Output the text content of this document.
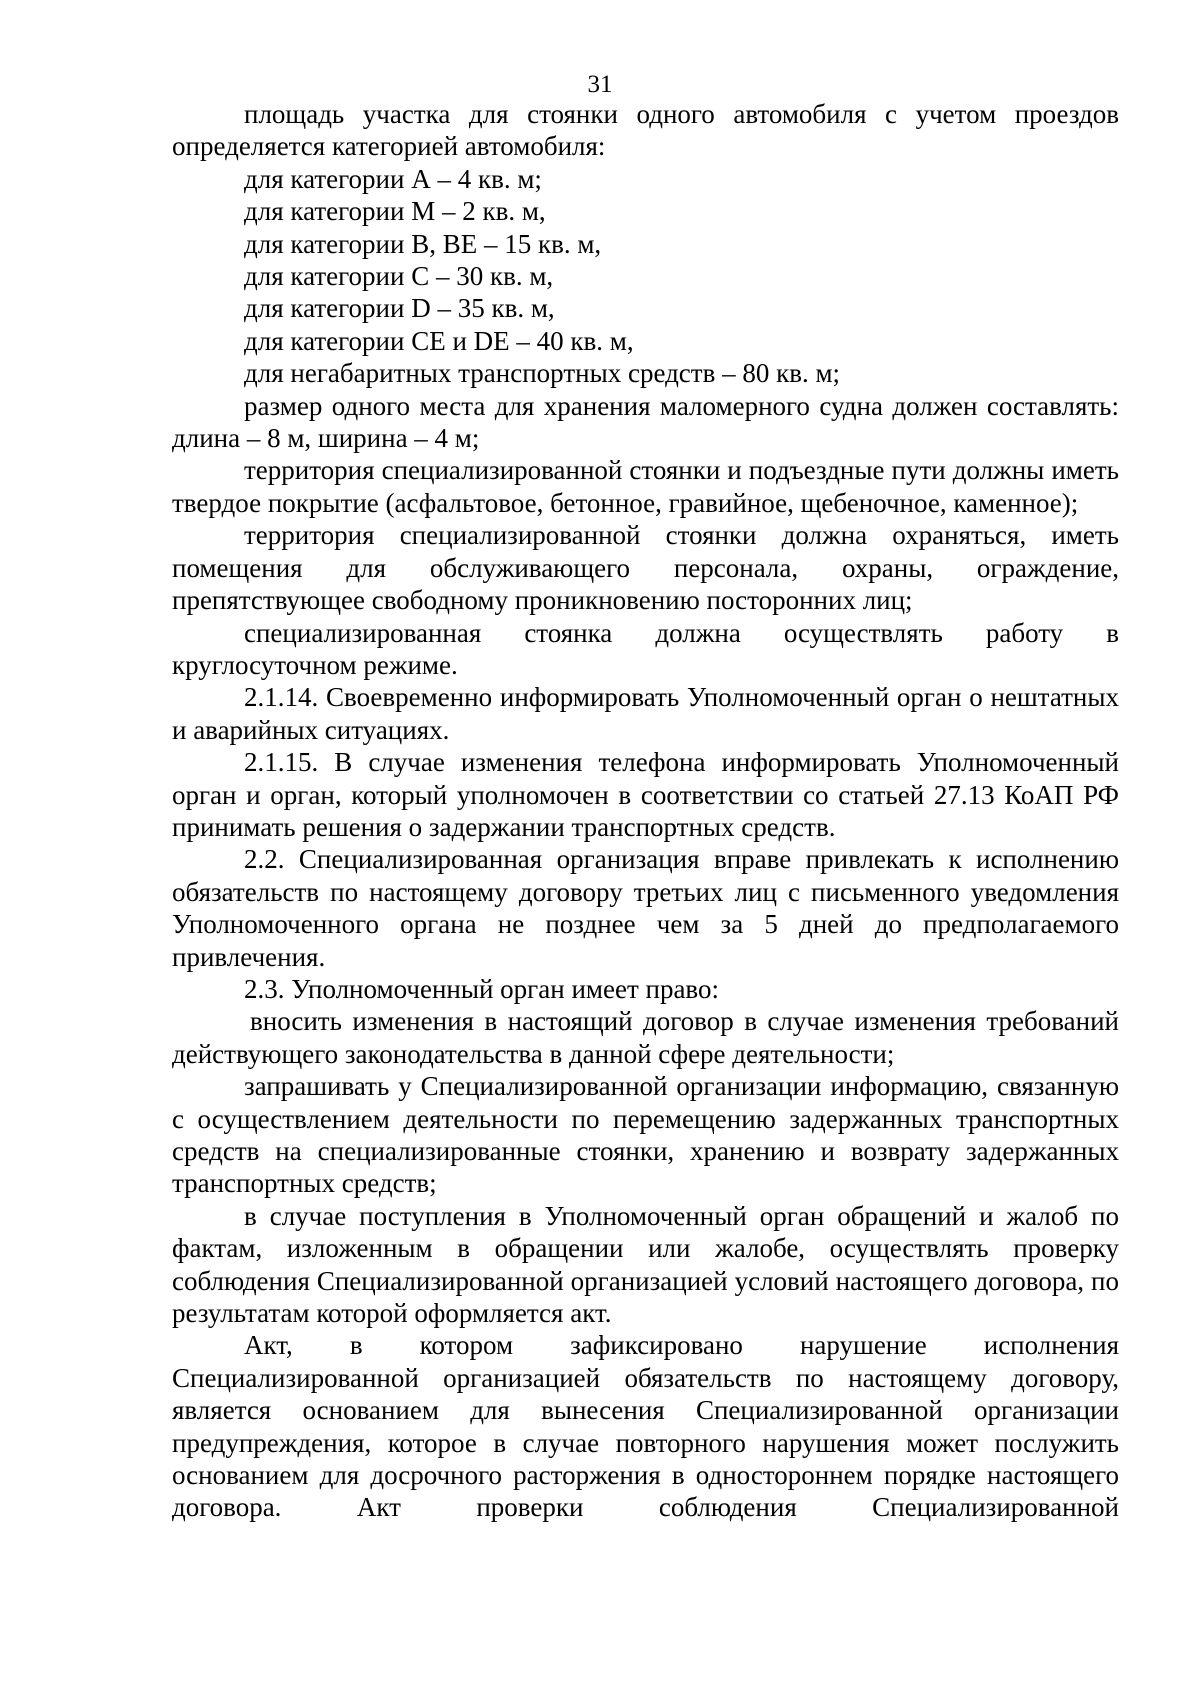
31

площадь участка для стоянки одного автомобиля с учетом проездов определяется категорией автомобиля:

для категории А – 4 кв. м;

для категории М – 2 кв. м,

для категории В, ВЕ – 15 кв. м,

для категории С – 30 кв. м,

для категории D – 35 кв. м,

для категории СЕ и DЕ – 40 кв. м,

для негабаритных транспортных средств – 80 кв. м;

размер одного места для хранения маломерного судна должен составлять: длина – 8 м, ширина – 4 м;

территория специализированной стоянки и подъездные пути должны иметь твердое покрытие (асфальтовое, бетонное, гравийное, щебеночное, каменное);

территория специализированной стоянки должна охраняться, иметь помещения для обслуживающего персонала, охраны, ограждение, препятствующее свободному проникновению посторонних лиц;

специализированная стоянка должна осуществлять работу в круглосуточном режиме.

2.1.14. Своевременно информировать Уполномоченный орган о нештатных и аварийных ситуациях.

2.1.15. В случае изменения телефона информировать Уполномоченный орган и орган, который уполномочен в соответствии со статьей 27.13 КоАП РФ принимать решения о задержании транспортных средств.

2.2. Специализированная организация вправе привлекать к исполнению обязательств по настоящему договору третьих лиц с письменного уведомления Уполномоченного органа не позднее чем за 5 дней до предполагаемого привлечения.

2.3. Уполномоченный орган имеет право:

вносить изменения в настоящий договор в случае изменения требований действующего законодательства в данной сфере деятельности;

запрашивать у Специализированной организации информацию, связанную с осуществлением деятельности по перемещению задержанных транспортных средств на специализированные стоянки, хранению и возврату задержанных транспортных средств;

в случае поступления в Уполномоченный орган обращений и жалоб по фактам, изложенным в обращении или жалобе, осуществлять проверку соблюдения Специализированной организацией условий настоящего договора, по результатам которой оформляется акт.

Акт, в котором зафиксировано нарушение исполнения Специализированной организацией обязательств по настоящему договору, является основанием для вынесения Специализированной организации предупреждения, которое в случае повторного нарушения может послужить основанием для досрочного расторжения в одностороннем порядке настоящего договора. Акт проверки соблюдения Специализированной
